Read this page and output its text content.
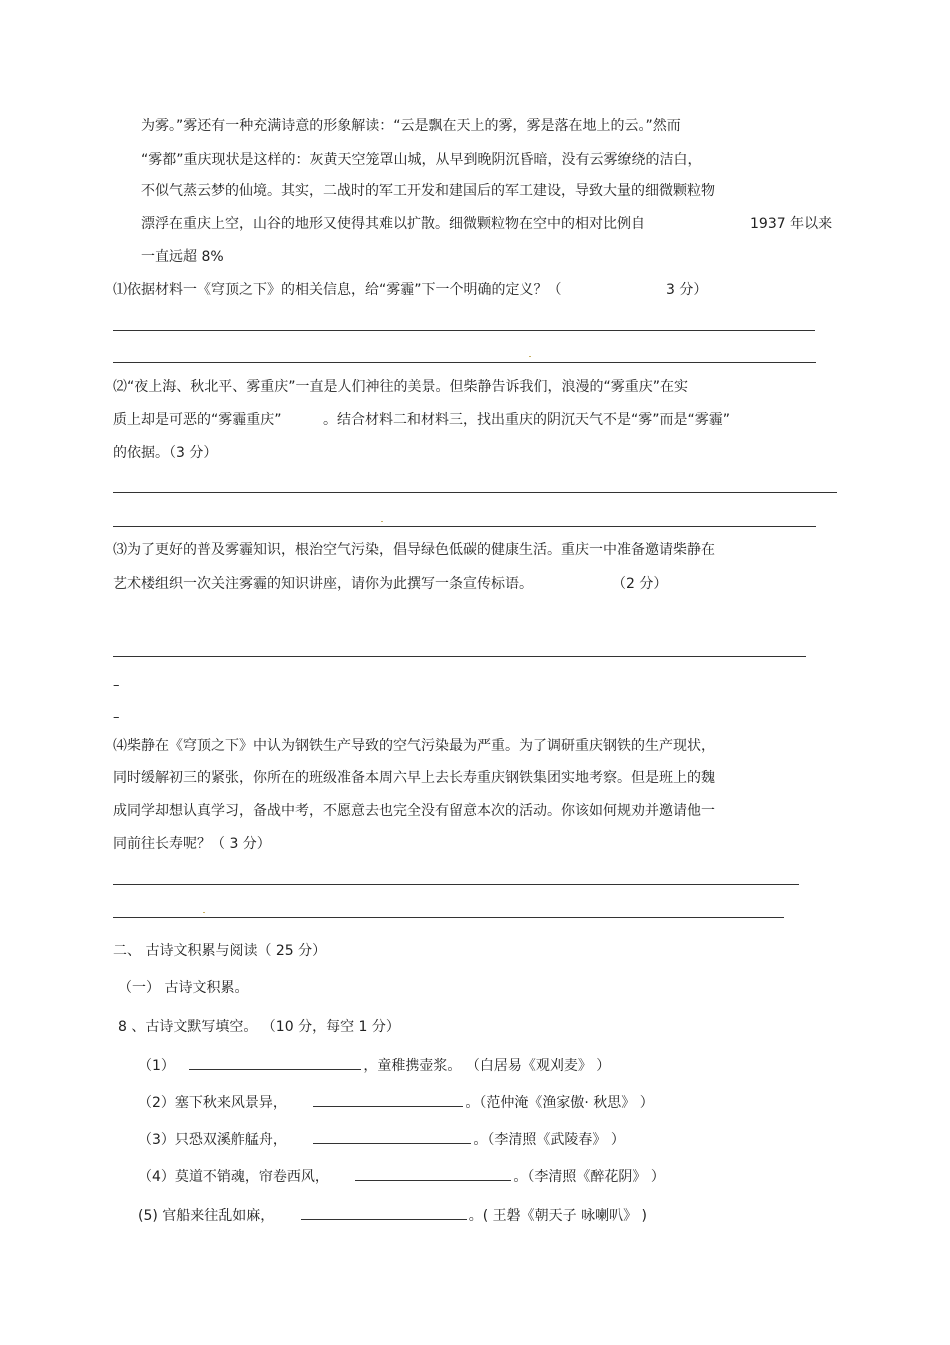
为雾。”雾还有一种充满诗意的形象解读：“云是飘在天上的雾，雾是落在地上的云。”然而
“雾都”重庆现状是这样的：灰黄天空笼罩山城，从早到晚阴沉昏暗，没有云雾缭绕的洁白，
不似气蒸云梦的仙境。其实，二战时的军工开发和建国后的军工建设，导致大量的细微颗粒物
漂浮在重庆上空，山谷的地形又使得其难以扩散。细微颗粒物在空中的相对比例自	1937 年以来
一直远超 8%
⑴依据材料一《穹顶之下》的相关信息，给“雾霾”下一个明确的定义？（	3 分）
⑵“夜上海、秋北平、雾重庆”一直是人们神往的美景。但柴静告诉我们，浪漫的“雾重庆”在实
质上却是可恶的“雾霾重庆”	。结合材料二和材料三，找出重庆的阴沉天气不是“雾”而是“雾霾”
的依据。（3 分）
⑶为了更好的普及雾霾知识，根治空气污染，倡导绿色低碳的健康生活。重庆一中准备邀请柴静在
艺术楼组织一次关注雾霾的知识讲座，请你为此撰写一条宣传标语。	（2 分）
–
–
⑷柴静在《穹顶之下》中认为钢铁生产导致的空气污染最为严重。为了调研重庆钢铁的生产现状，
同时缓解初三的紧张，你所在的班级准备本周六早上去长寿重庆钢铁集团实地考察。但是班上的魏
成同学却想认真学习，备战中考，不愿意去也完全没有留意本次的活动。你该如何规劝并邀请他一
同前往长寿呢？（ 3 分）
二、 古诗文积累与阅读（ 25 分）
（一） 古诗文积累。
8 、古诗文默写填空。 （10 分，每空 1 分）
（1）	，童稚携壶浆。 （白居易《观刈麦》 ）
（2）塞下秋来风景异，	。（范仲淹《渔家傲· 秋思》 ）
（3）只恐双溪舴艋舟，	。（李清照《武陵春》 ）
（4）莫道不销魂，帘卷西风，	。（李清照《醉花阴》 ）
(5) 官船来往乱如麻，	。( 王磐《朝天子 咏喇叭》 )
